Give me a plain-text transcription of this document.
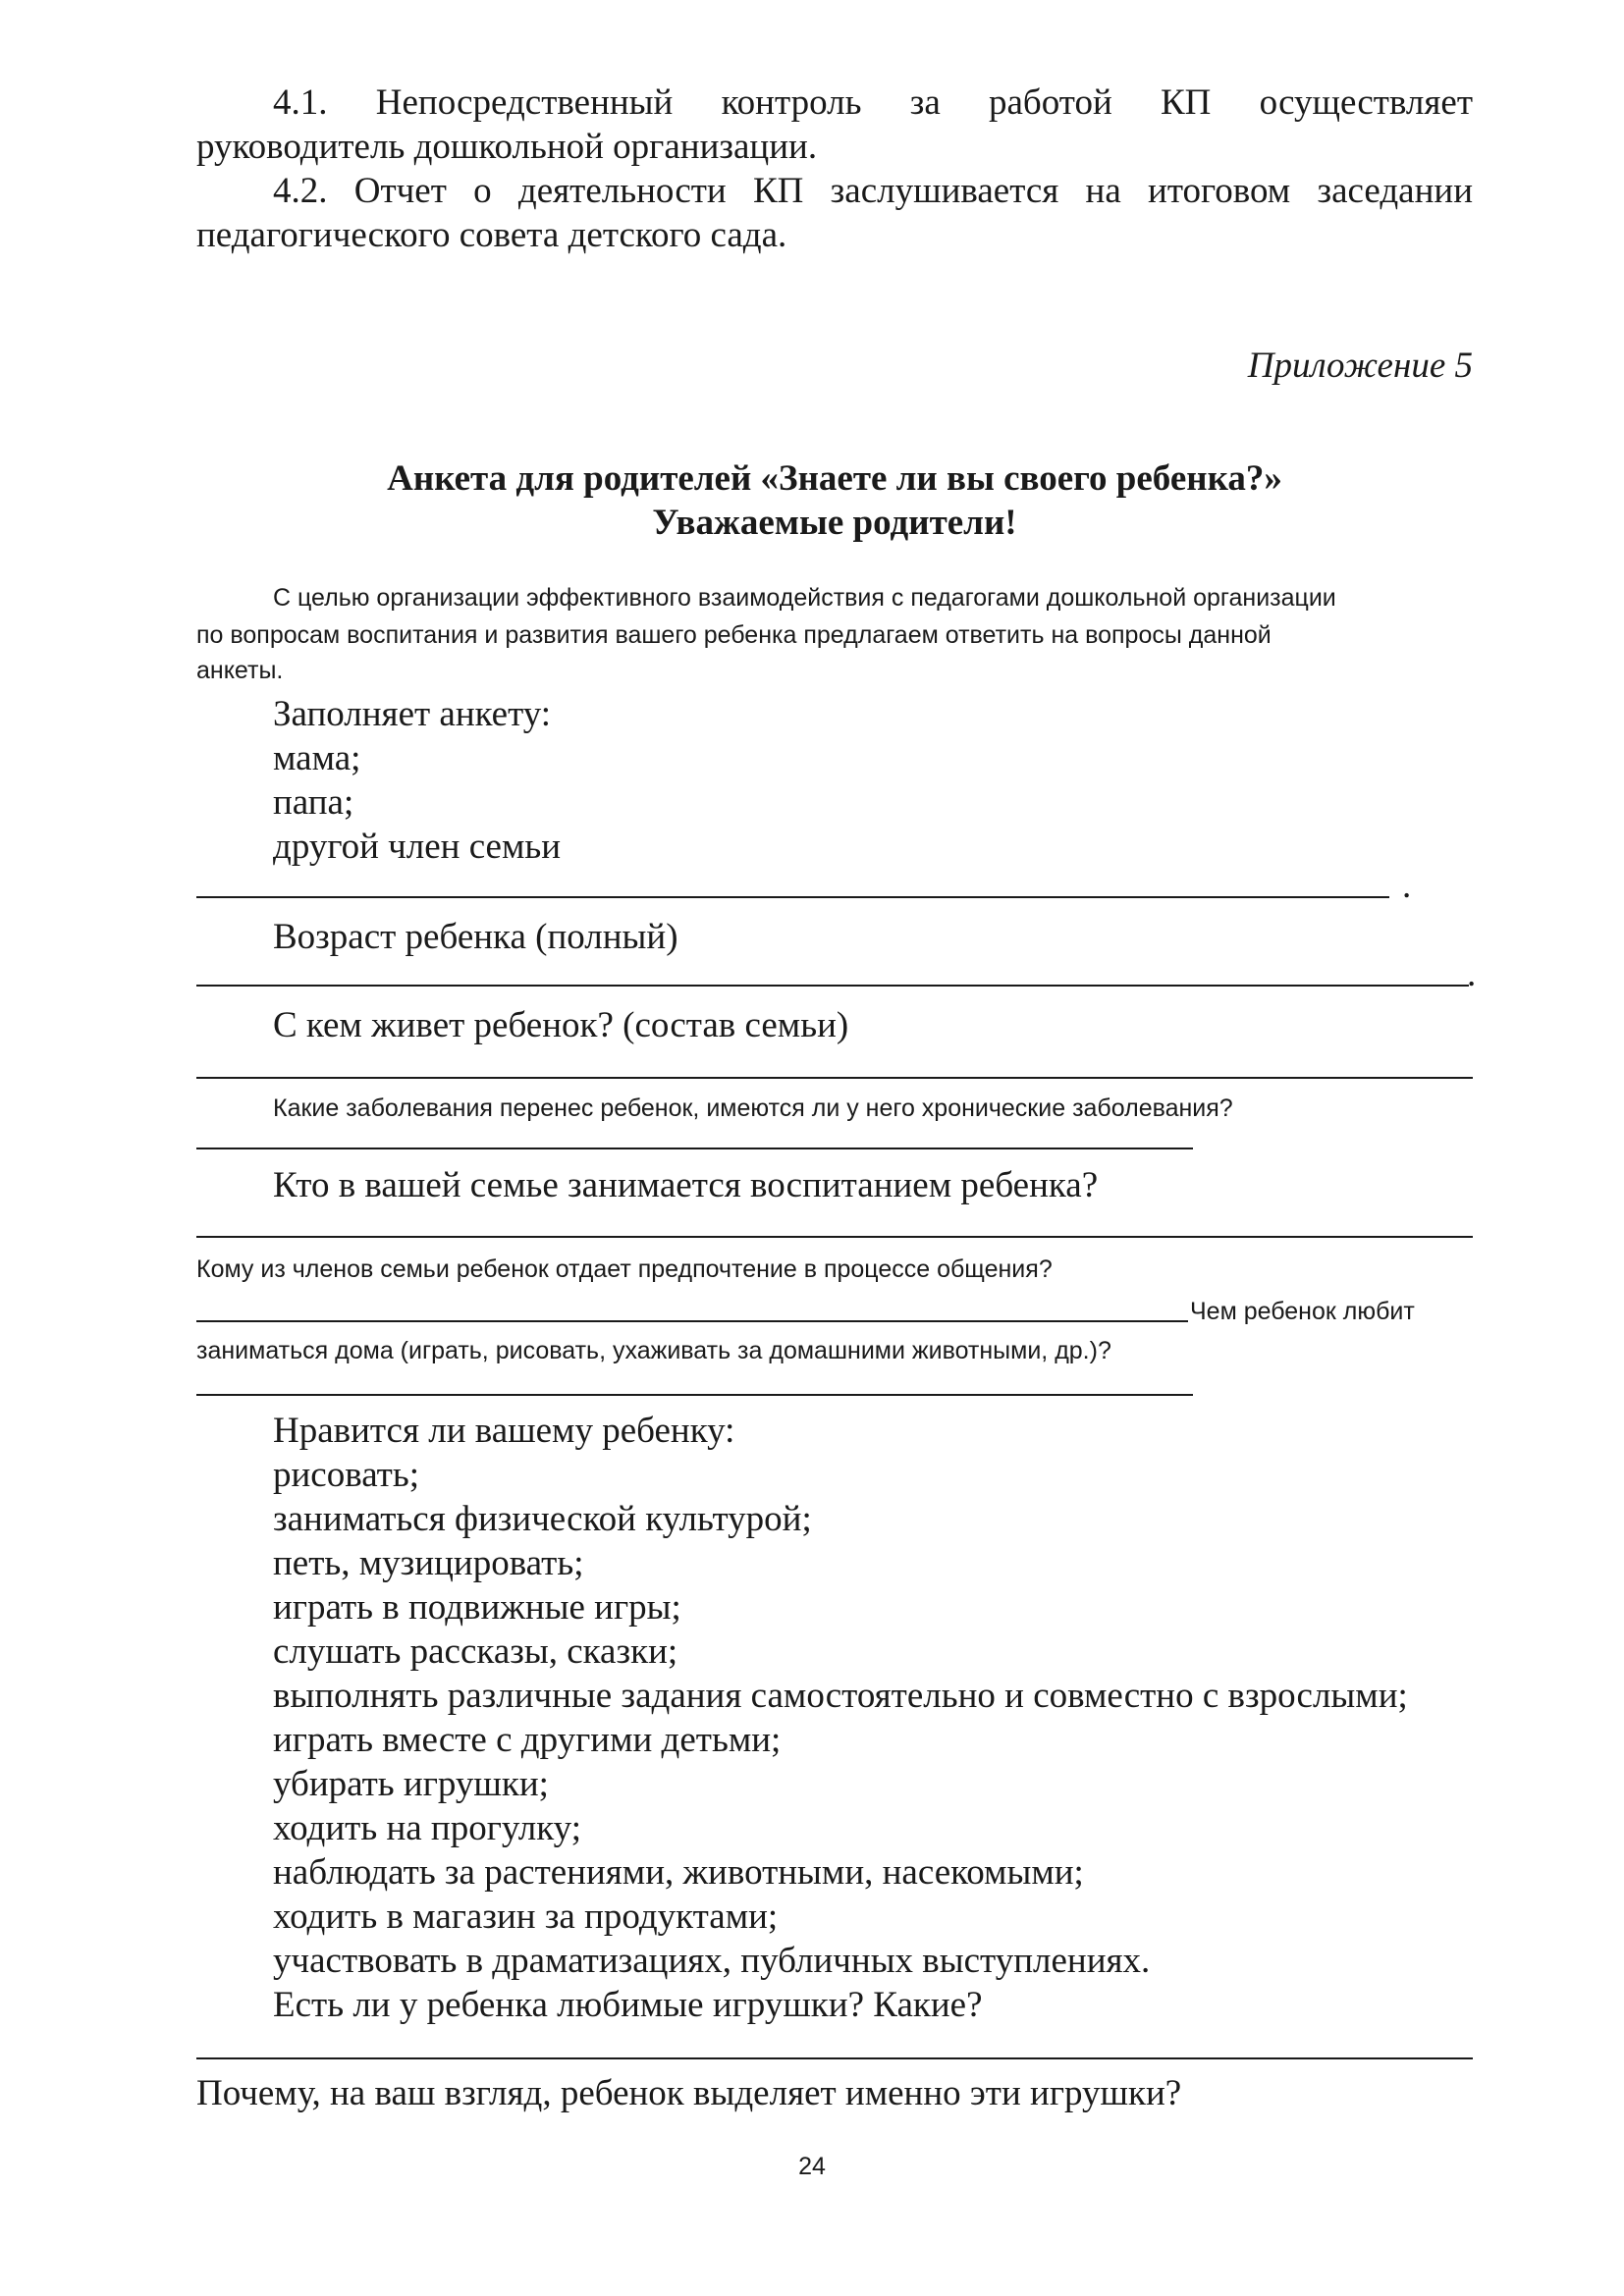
4.1. Непосредственный контроль за работой КП осуществляет
руководитель дошкольной организации.
4.2. Отчет о деятельности КП заслушивается на итоговом заседании
педагогического совета детского сада.
Приложение 5
Анкета для родителей «Знаете ли вы своего ребенка?»
Уважаемые родители!
С целью организации эффективного взаимодействия с педагогами дошкольной организации
по вопросам воспитания и развития вашего ребенка предлагаем ответить на вопросы данной
анкеты.
Заполняет анкету:
мама;
папа;
другой член семьи
.
Возраст ребенка (полный)
.
С кем живет ребенок? (состав семьи)
Какие заболевания перенес ребенок, имеются ли у него хронические заболевания?
Кто в вашей семье занимается воспитанием ребенка?
Кому из членов семьи ребенок отдает предпочтение в процессе общения?
Чем ребенок любит
заниматься дома (играть, рисовать, ухаживать за домашними животными, др.)?
Нравится ли вашему ребенку:
рисовать;
заниматься физической культурой;
петь, музицировать;
играть в подвижные игры;
слушать рассказы, сказки;
выполнять различные задания самостоятельно и совместно с взрослыми;
играть вместе с другими детьми;
убирать игрушки;
ходить на прогулку;
наблюдать за растениями, животными, насекомыми;
ходить в магазин за продуктами;
участвовать в драматизациях, публичных выступлениях.
Есть ли у ребенка любимые игрушки? Какие?
Почему, на ваш взгляд, ребенок выделяет именно эти игрушки?
24
